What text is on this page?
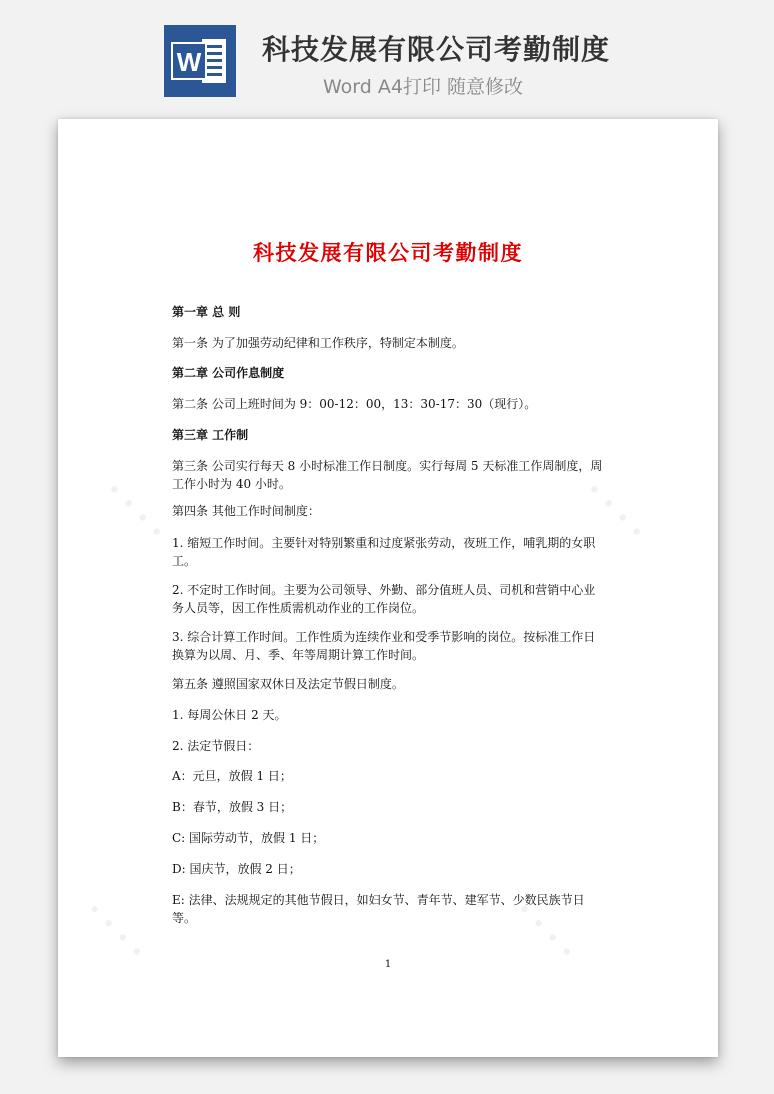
W 科技发展有限公司考勤制度
Word A4打印 随意修改
• • • •	• • • •
• • • •	• • • •
科技发展有限公司考勤制度
第一章 总 则
第一条 为了加强劳动纪律和工作秩序，特制定本制度。
第二章 公司作息制度
第二条 公司上班时间为 9：00-12：00，13：30-17：30（现行）。
第三章 工作制
第三条 公司实行每天 8 小时标准工作日制度。实行每周 5 天标准工作周制度，周工作小时为 40 小时。
第四条 其他工作时间制度：
1. 缩短工作时间。主要针对特别繁重和过度紧张劳动，夜班工作，哺乳期的女职工。
2. 不定时工作时间。主要为公司领导、外勤、部分值班人员、司机和营销中心业务人员等，因工作性质需机动作业的工作岗位。
3. 综合计算工作时间。工作性质为连续作业和受季节影响的岗位。按标准工作日换算为以周、月、季、年等周期计算工作时间。
第五条 遵照国家双休日及法定节假日制度。
1. 每周公休日 2 天。
2. 法定节假日：
A：元旦，放假 1 日；
B：春节，放假 3 日；
C: 国际劳动节，放假 1 日；
D: 国庆节，放假 2 日；
E: 法律、法规规定的其他节假日，如妇女节、青年节、建军节、少数民族节日等。
1
